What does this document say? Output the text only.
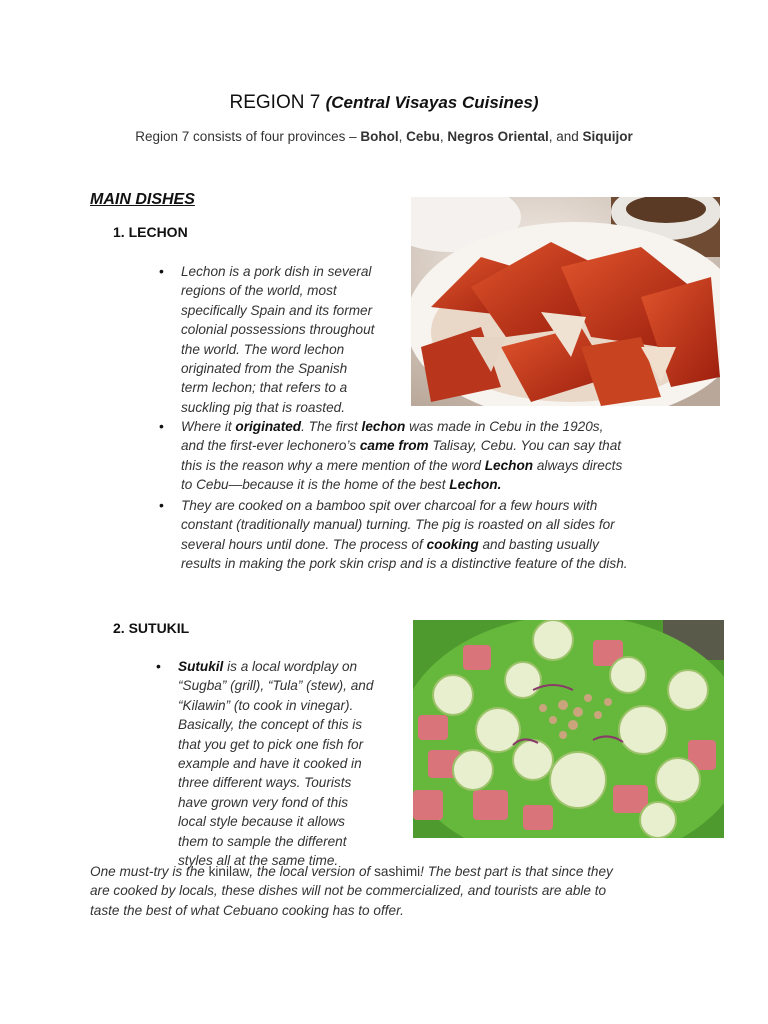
REGION 7 (Central Visayas Cuisines)
Region 7 consists of four provinces – Bohol, Cebu, Negros Oriental, and Siquijor
MAIN DISHES
1. LECHON
• Lechon is a pork dish in several
regions of the world, most
specifically Spain and its former
colonial possessions throughout
the world. The word lechon
originated from the Spanish
term lechon; that refers to a
suckling pig that is roasted.
• Where it originated. The first lechon was made in Cebu in the 1920s,
and the first-ever lechonero’s came from Talisay, Cebu. You can say that
this is the reason why a mere mention of the word Lechon always directs
to Cebu—because it is the home of the best Lechon.
• They are cooked on a bamboo spit over charcoal for a few hours with
constant (traditionally manual) turning. The pig is roasted on all sides for
several hours until done. The process of cooking and basting usually
results in making the pork skin crisp and is a distinctive feature of the dish.
2. SUTUKIL
• Sutukil is a local wordplay on
“Sugba” (grill), “Tula” (stew), and
“Kilawin” (to cook in vinegar).
Basically, the concept of this is
that you get to pick one fish for
example and have it cooked in
three different ways. Tourists
have grown very fond of this
local style because it allows
them to sample the different
styles all at the same time.
One must-try is the kinilaw, the local version of sashimi! The best part is that since they
are cooked by locals, these dishes will not be commercialized, and tourists are able to
taste the best of what Cebuano cooking has to offer.
